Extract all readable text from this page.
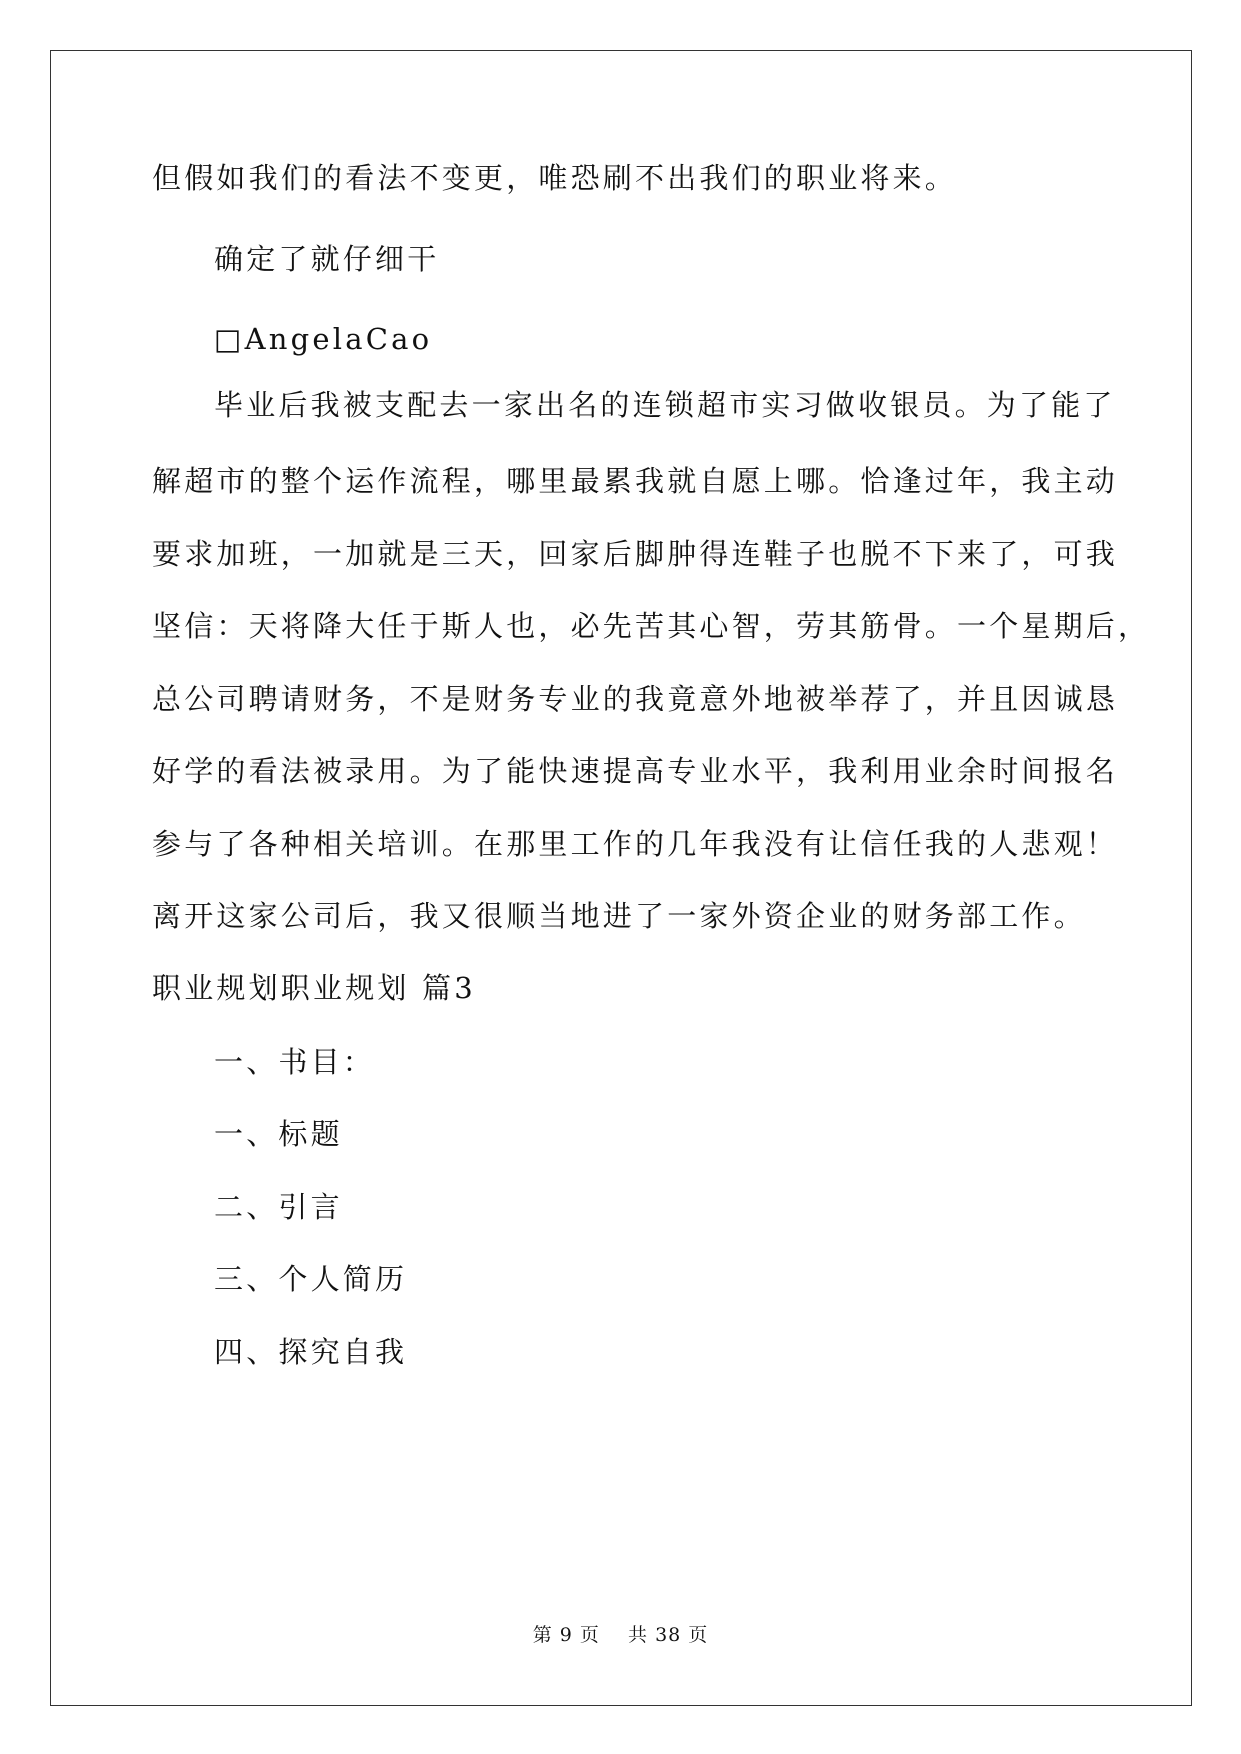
但假如我们的看法不变更，唯恐刷不出我们的职业将来。
确定了就仔细干
□AngelaCao
毕业后我被支配去一家出名的连锁超市实习做收银员。为了能了
解超市的整个运作流程，哪里最累我就自愿上哪。恰逢过年，我主动
要求加班，一加就是三天，回家后脚肿得连鞋子也脱不下来了，可我
坚信：天将降大任于斯人也，必先苦其心智，劳其筋骨。一个星期后，
总公司聘请财务，不是财务专业的我竟意外地被举荐了，并且因诚恳
好学的看法被录用。为了能快速提高专业水平，我利用业余时间报名
参与了各种相关培训。在那里工作的几年我没有让信任我的人悲观！
离开这家公司后，我又很顺当地进了一家外资企业的财务部工作。
职业规划职业规划 篇3
一、书目：
一、标题
二、引言
三、个人简历
四、探究自我
第 9 页    共 38 页
